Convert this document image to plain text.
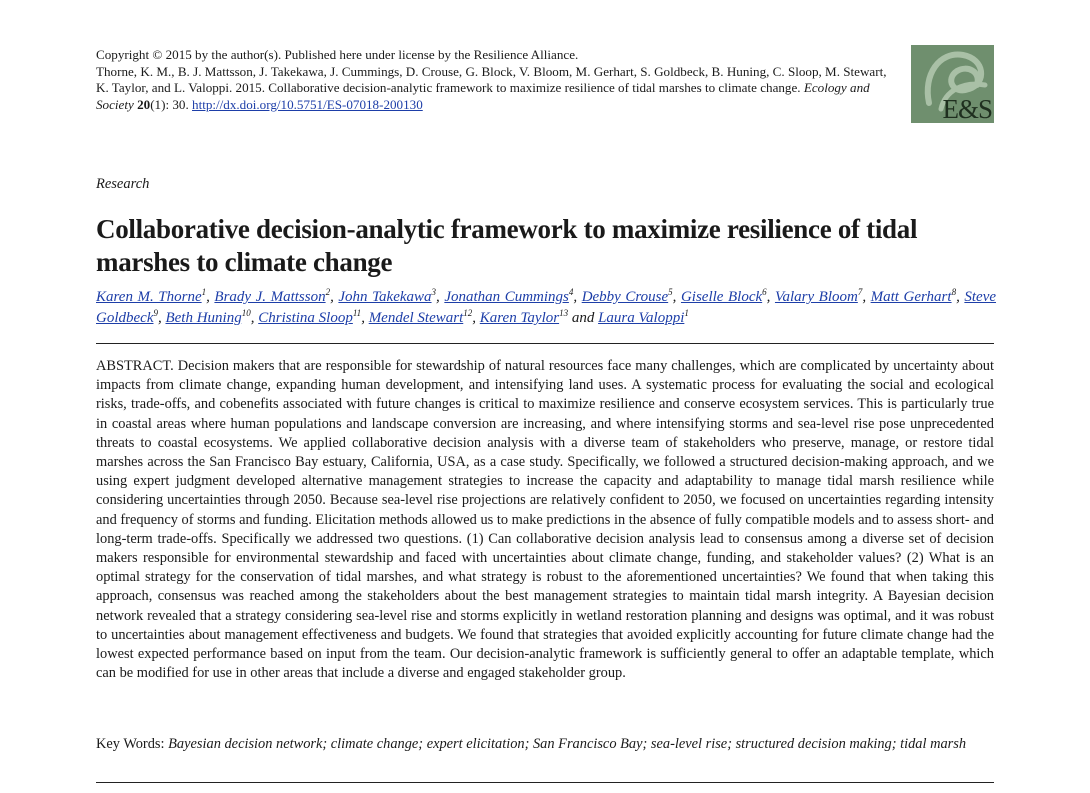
Copyright © 2015 by the author(s). Published here under license by the Resilience Alliance.
Thorne, K. M., B. J. Mattsson, J. Takekawa, J. Cummings, D. Crouse, G. Block, V. Bloom, M. Gerhart, S. Goldbeck, B. Huning, C. Sloop, M. Stewart, K. Taylor, and L. Valoppi. 2015. Collaborative decision-analytic framework to maximize resilience of tidal marshes to climate change. Ecology and Society 20(1): 30. http://dx.doi.org/10.5751/ES-07018-200130	E&S
Research
Collaborative decision-analytic framework to maximize resilience of tidal marshes to climate change
Karen M. Thorne$^1$, Brady J. Mattsson$^2$, John Takekawa$^3$, Jonathan Cummings$^4$, Debby Crouse$^5$, Giselle Block$^6$, Valary Bloom$^7$, Matt Gerhart$^8$, Steve Goldbeck$^9$, Beth Huning$^{10}$, Christina Sloop$^{11}$, Mendel Stewart$^{12}$, Karen Taylor$^{13}$ and Laura Valoppi$^1$
ABSTRACT. Decision makers that are responsible for stewardship of natural resources face many challenges, which are complicated by uncertainty about impacts from climate change, expanding human development, and intensifying land uses. A systematic process for evaluating the social and ecological risks, trade-offs, and cobenefits associated with future changes is critical to maximize resilience and conserve ecosystem services. This is particularly true in coastal areas where human populations and landscape conversion are increasing, and where intensifying storms and sea-level rise pose unprecedented threats to coastal ecosystems. We applied collaborative decision analysis with a diverse team of stakeholders who preserve, manage, or restore tidal marshes across the San Francisco Bay estuary, California, USA, as a case study. Specifically, we followed a structured decision-making approach, and we using expert judgment developed alternative management strategies to increase the capacity and adaptability to manage tidal marsh resilience while considering uncertainties through 2050. Because sea-level rise projections are relatively confident to 2050, we focused on uncertainties regarding intensity and frequency of storms and funding. Elicitation methods allowed us to make predictions in the absence of fully compatible models and to assess short- and long-term trade-offs. Specifically we addressed two questions. (1) Can collaborative decision analysis lead to consensus among a diverse set of decision makers responsible for environmental stewardship and faced with uncertainties about climate change, funding, and stakeholder values? (2) What is an optimal strategy for the conservation of tidal marshes, and what strategy is robust to the aforementioned uncertainties? We found that when taking this approach, consensus was reached among the stakeholders about the best management strategies to maintain tidal marsh integrity. A Bayesian decision network revealed that a strategy considering sea-level rise and storms explicitly in wetland restoration planning and designs was optimal, and it was robust to uncertainties about management effectiveness and budgets. We found that strategies that avoided explicitly accounting for future climate change had the lowest expected performance based on input from the team. Our decision-analytic framework is sufficiently general to offer an adaptable template, which can be modified for use in other areas that include a diverse and engaged stakeholder group.
Key Words: Bayesian decision network; climate change; expert elicitation; San Francisco Bay; sea-level rise; structured decision making; tidal marsh
